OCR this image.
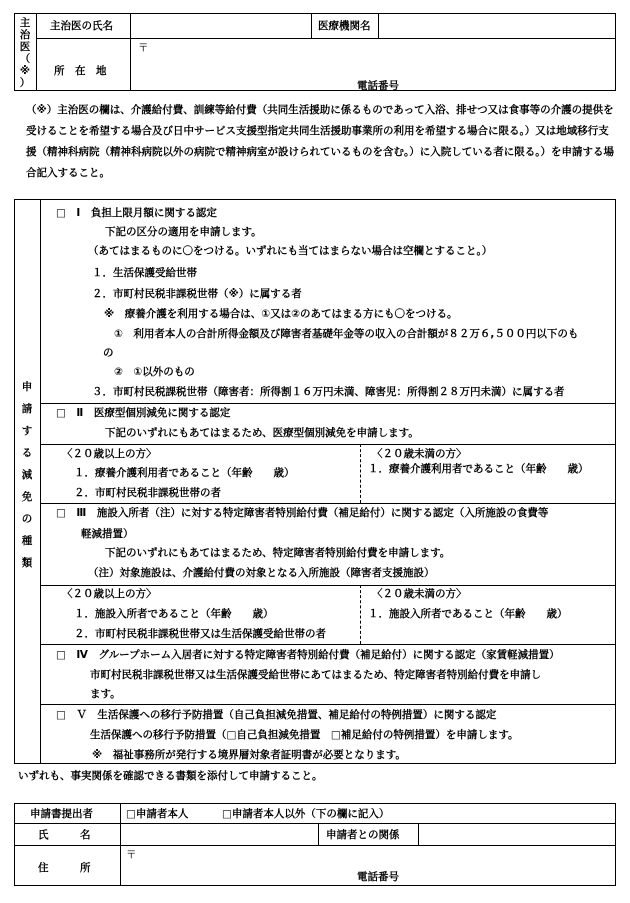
主
治
医
（
※
）
主治医の氏名	医療機関名
所　在　地
〒
電話番号
（※）主治医の欄は、介護給付費、訓練等給付費（共同生活援助に係るものであって入浴、排せつ又は食事等の介護の提供を受けることを希望する場合及び日中サービス支援型指定共同生活援助事業所の利用を希望する場合に限る。）又は地域移行支援（精神科病院（精神科病院以外の病院で精神病室が設けられているものを含む。）に入院している者に限る。）を申請する場合記入すること。
申
請
す
る
減
免
の
種
類
□　Ⅰ　負担上限月額に関する認定
下記の区分の適用を申請します。
（あてはまるものに〇をつける。いずれにも当てはまらない場合は空欄とすること。）
１．生活保護受給世帯
２．市町村民税非課税世帯（※）に属する者
※　療養介護を利用する場合は、①又は②のあてはまる方にも〇をつける。
①　利用者本人の合計所得金額及び障害者基礎年金等の収入の合計額が８２万６,５００円以下のも
の
②　①以外のもの
３．市町村民税課税世帯（障害者：所得割１６万円未満、障害児：所得割２８万円未満）に属する者
□　Ⅱ　医療型個別減免に関する認定
下記のいずれにもあてはまるため、医療型個別減免を申請します。
〈２０歳以上の方〉
１．療養介護利用者であること（年齢　　歳）
２．市町村民税非課税世帯の者
〈２０歳未満の方〉
１．療養介護利用者であること（年齢　　歳）
□　Ⅲ　施設入所者（注）に対する特定障害者特別給付費（補足給付）に関する認定（入所施設の食費等
軽減措置）
下記のいずれにもあてはまるため、特定障害者特別給付費を申請します。
（注）対象施設は、介護給付費の対象となる入所施設（障害者支援施設）
〈２０歳以上の方〉
１．施設入所者であること（年齢　　歳）
２．市町村民税非課税世帯又は生活保護受給世帯の者
〈２０歳未満の方〉
１．施設入所者であること（年齢　　歳）
□　Ⅳ　グループホーム入居者に対する特定障害者特別給付費（補足給付）に関する認定（家賃軽減措置）
市町村民税非課税世帯又は生活保護受給世帯にあてはまるため、特定障害者特別給付費を申請し
ます。
□　Ｖ　生活保護への移行予防措置（自己負担減免措置、補足給付の特例措置）に関する認定
生活保護への移行予防措置（□自己負担減免措置　□補足給付の特例措置）を申請します。
※　福祉事務所が発行する境界層対象者証明書が必要となります。
いずれも、事実関係を確認できる書類を添付して申請すること。
申請書提出者	□申請者本人	□申請者本人以外（下の欄に記入）
氏　　　名	申請者との関係
住　　　所
〒
電話番号
